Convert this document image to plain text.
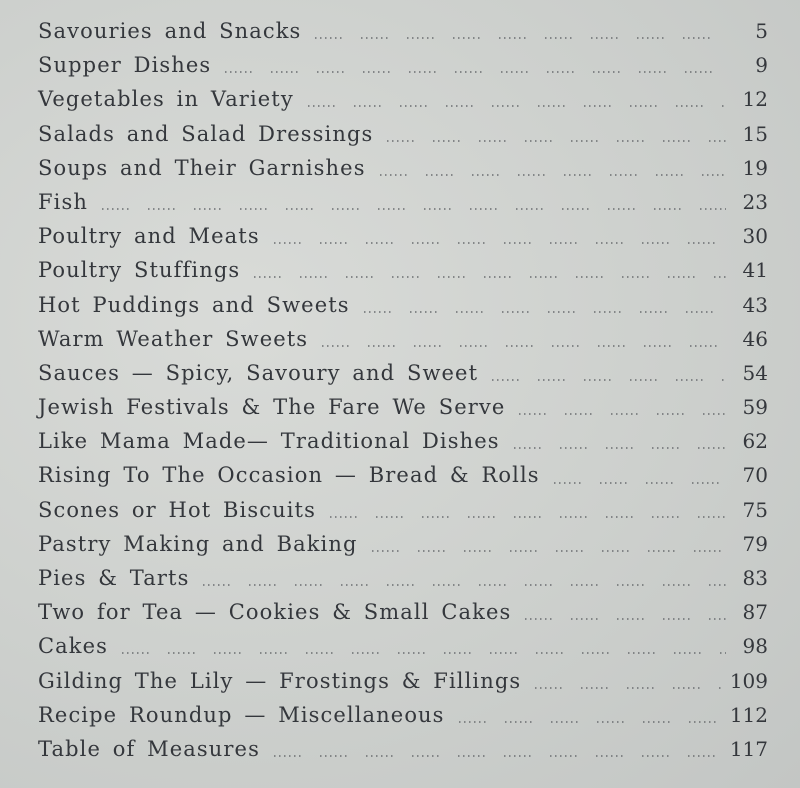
Savouries and Snacks	5
Supper Dishes	9
Vegetables in Variety	12
Salads and Salad Dressings	15
Soups and Their Garnishes	19
Fish	23
Poultry and Meats	30
Poultry Stuffings	41
Hot Puddings and Sweets	43
Warm Weather Sweets	46
Sauces — Spicy, Savoury and Sweet	54
Jewish Festivals & The Fare We Serve	59
Like Mama Made— Traditional Dishes	62
Rising To The Occasion — Bread & Rolls	70
Scones or Hot Biscuits	75
Pastry Making and Baking	79
Pies & Tarts	83
Two for Tea — Cookies & Small Cakes	87
Cakes	98
Gilding The Lily — Frostings & Fillings	109
Recipe Roundup — Miscellaneous	112
Table of Measures	117
